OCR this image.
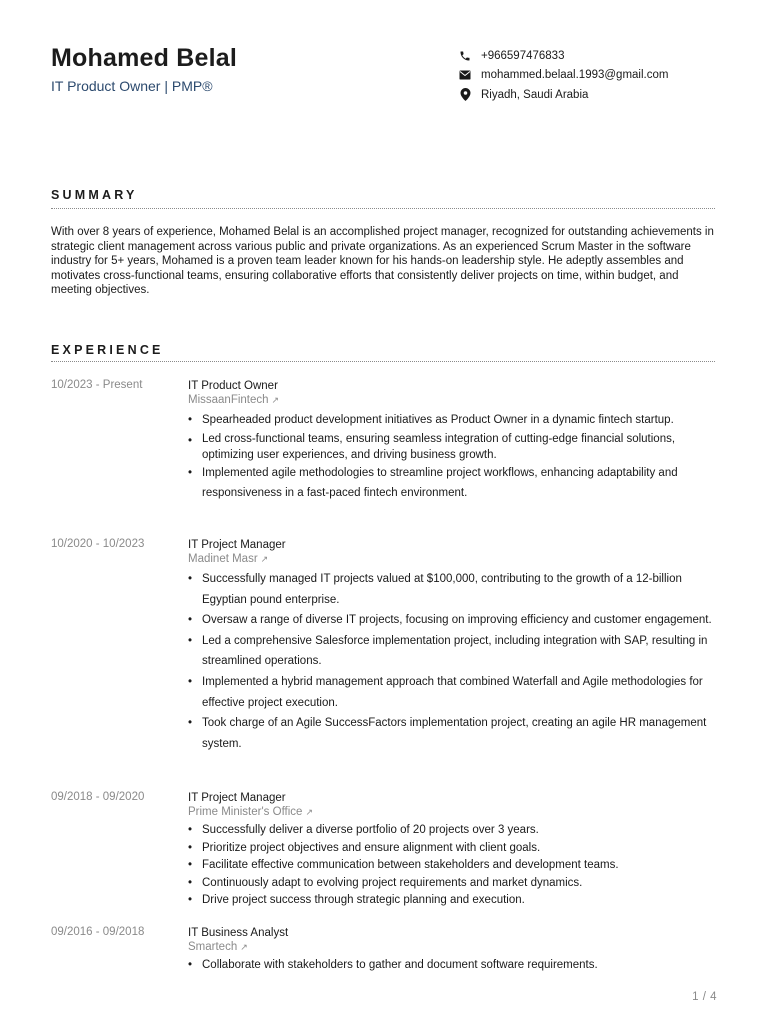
Mohamed Belal
IT Product Owner | PMP®
+966597476833
mohammed.belaal.1993@gmail.com
Riyadh, Saudi Arabia
SUMMARY
With over 8 years of experience, Mohamed Belal is an accomplished project manager, recognized for outstanding achievements in strategic client management across various public and private organizations. As an experienced Scrum Master in the software industry for 5+ years, Mohamed is a proven team leader known for his hands-on leadership style. He adeptly assembles and motivates cross-functional teams, ensuring collaborative efforts that consistently deliver projects on time, within budget, and meeting objectives.
EXPERIENCE
10/2023 - Present	IT Product Owner
MissaanFintech ↗
• Spearheaded product development initiatives as Product Owner in a dynamic fintech startup.
• Led cross-functional teams, ensuring seamless integration of cutting-edge financial solutions, optimizing user experiences, and driving business growth.
• Implemented agile methodologies to streamline project workflows, enhancing adaptability and responsiveness in a fast-paced fintech environment.
10/2020 - 10/2023	IT Project Manager
Madinet Masr ↗
• Successfully managed IT projects valued at $100,000, contributing to the growth of a 12-billion Egyptian pound enterprise.
• Oversaw a range of diverse IT projects, focusing on improving efficiency and customer engagement.
• Led a comprehensive Salesforce implementation project, including integration with SAP, resulting in streamlined operations.
• Implemented a hybrid management approach that combined Waterfall and Agile methodologies for effective project execution.
• Took charge of an Agile SuccessFactors implementation project, creating an agile HR management system.
09/2018 - 09/2020	IT Project Manager
Prime Minister's Office ↗
• Successfully deliver a diverse portfolio of 20 projects over 3 years.
• Prioritize project objectives and ensure alignment with client goals.
• Facilitate effective communication between stakeholders and development teams.
• Continuously adapt to evolving project requirements and market dynamics.
• Drive project success through strategic planning and execution.
09/2016 - 09/2018	IT Business Analyst
Smartech ↗
• Collaborate with stakeholders to gather and document software requirements.
1 / 4
